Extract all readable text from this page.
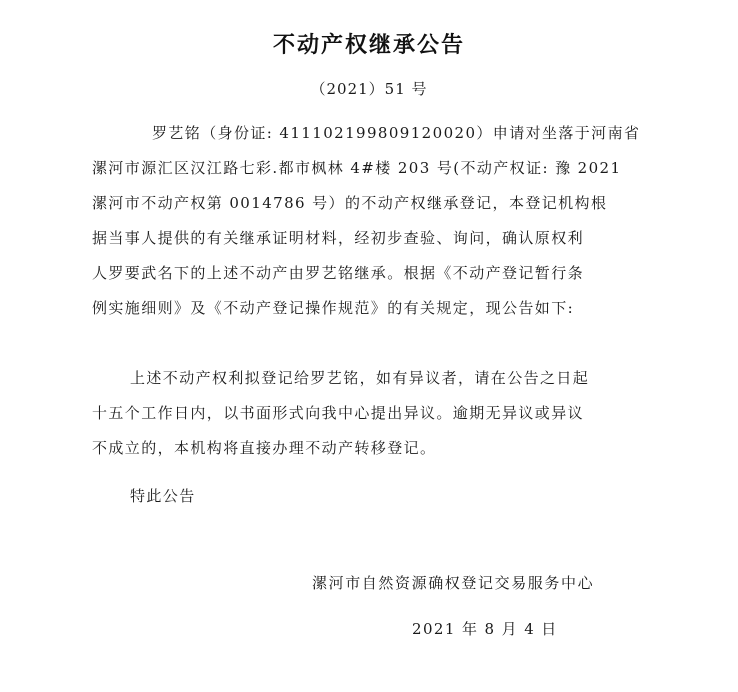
不动产权继承公告
（2021）51 号
罗艺铭（身份证: 411102199809120020）申请对坐落于河南省
漯河市源汇区汉江路七彩.都市枫林 4#楼 203 号(不动产权证: 豫 2021
漯河市不动产权第 0014786 号）的不动产权继承登记，本登记机构根
据当事人提供的有关继承证明材料，经初步查验、询问，确认原权利
人罗要武名下的上述不动产由罗艺铭继承。根据《不动产登记暂行条
例实施细则》及《不动产登记操作规范》的有关规定，现公告如下:
上述不动产权利拟登记给罗艺铭，如有异议者，请在公告之日起
十五个工作日内，以书面形式向我中心提出异议。逾期无异议或异议
不成立的，本机构将直接办理不动产转移登记。
特此公告
漯河市自然资源确权登记交易服务中心
2021 年 8 月 4 日
